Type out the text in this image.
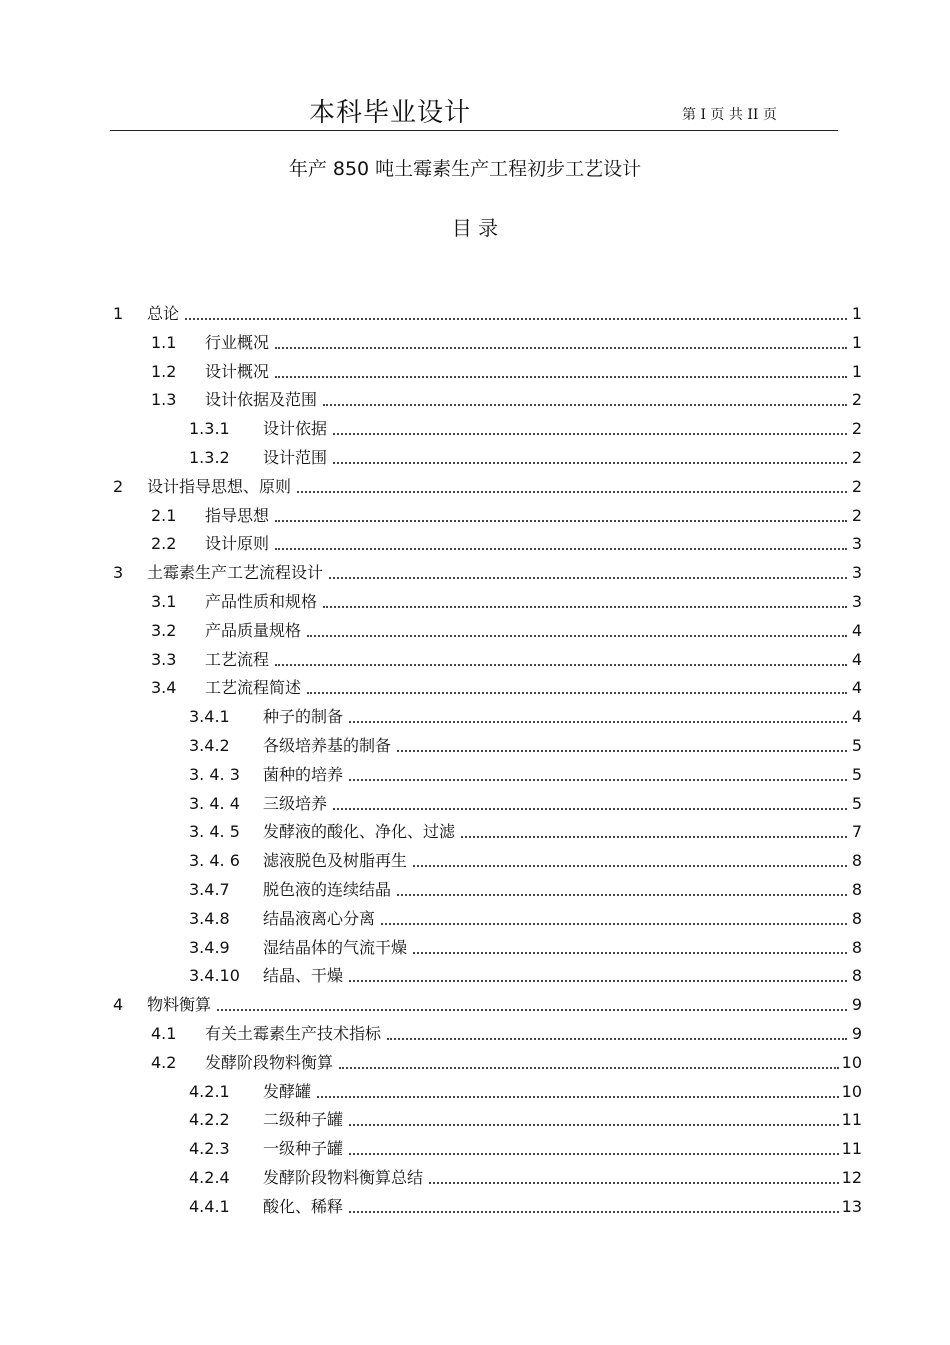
本科毕业设计	第 I 页 共 II 页
年产 850 吨土霉素生产工程初步工艺设计
目 录
1	总论	1
1.1	行业概况	1
1.2	设计概况	1
1.3	设计依据及范围	2
1.3.1	设计依据	2
1.3.2	设计范围	2
2	设计指导思想、原则	2
2.1	指导思想	2
2.2	设计原则	3
3	土霉素生产工艺流程设计	3
3.1	产品性质和规格	3
3.2	产品质量规格	4
3.3	工艺流程	4
3.4	工艺流程简述	4
3.4.1	种子的制备	4
3.4.2	各级培养基的制备	5
3. 4. 3	菌种的培养	5
3. 4. 4	三级培养	5
3. 4. 5	发酵液的酸化、净化、过滤	7
3. 4. 6	滤液脱色及树脂再生	8
3.4.7	脱色液的连续结晶	8
3.4.8	结晶液离心分离	8
3.4.9	湿结晶体的气流干燥	8
3.4.10	结晶、干燥	8
4	物料衡算	9
4.1	有关土霉素生产技术指标	9
4.2	发酵阶段物料衡算	10
4.2.1	发酵罐	10
4.2.2	二级种子罐	11
4.2.3	一级种子罐	11
4.2.4	发酵阶段物料衡算总结	12
4.4.1	酸化、稀释	13
